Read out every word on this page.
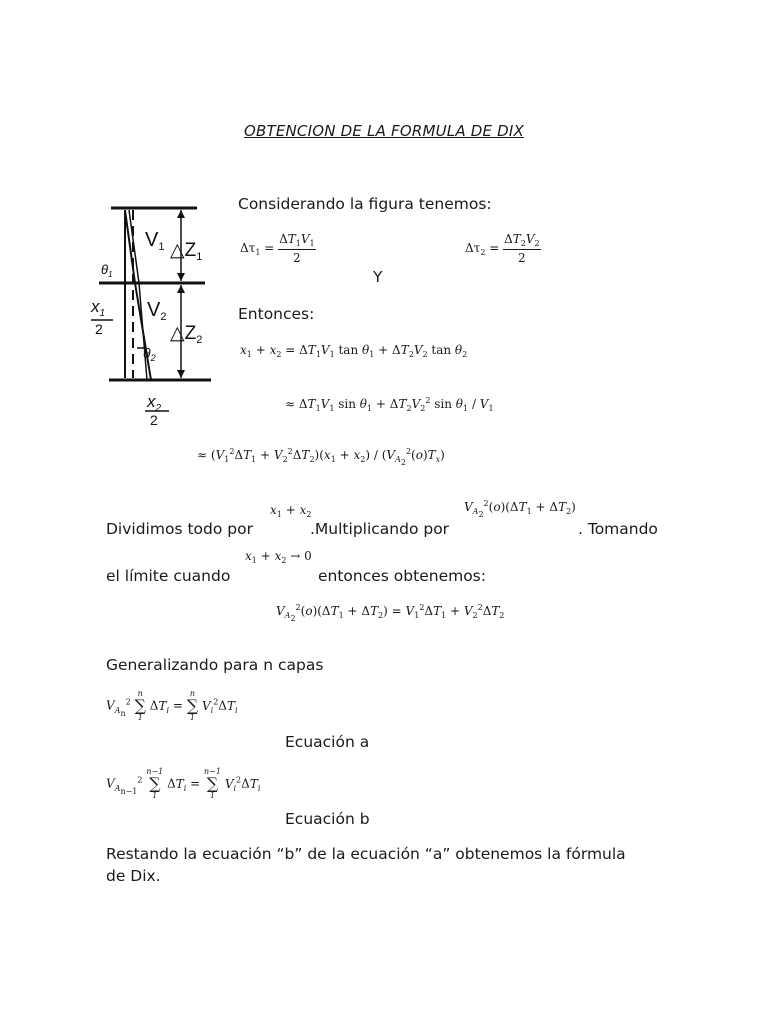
OBTENCION DE LA FORMULA DE DIX
$V_1$ $\triangle Z_1$
$\theta_1$
$V_2$
$\triangle Z_2$
$\theta_2$
$x_1$
2
$x_2$
2
Considerando la figura tenemos:
$\Delta\tau_1 = \frac{\Delta T_1V_1}{2}$	$\Delta\tau_2 = \frac{\Delta T_2V_2}{2}$
Y
Entonces:
$x_1 + x_2 = \Delta T_1V_1$ $\tan \theta_1 + \Delta T_2V_2$ $\tan \theta_2$
≈ $\Delta T_1V_1$ $\sin \theta_1 + \Delta T_2V_2^2$ $\sin \theta_1 / V_1$
≈ $(V_1^2\Delta T_1 + V_2^2\Delta T_2)(x_1 + x_2) / (V_{A_2}^2(o)T_x)$
$x_1 + x_2$
$V_{A_2}^2(o)(\Delta T_1 + \Delta T_2)$
Dividimos todo por	.Multiplicando por	. Tomando
$x_1 + x_2 \to 0$
el límite cuando	entonces obtenemos:
$V_{A_2}^2(o)(\Delta T_1 + \Delta T_2) = V_1^2\Delta T_1 + V_2^2\Delta T_2$
Generalizando para n capas
$V_{A_n}^2$
n
∑
1
$\Delta T_i$ =
n
∑
1
$V_i^2\Delta T_i$
Ecuación a
$V_{A_{n-1}}^2$
n−1
∑
1
$\Delta T_i$ =
n−1
∑
1
$V_i^2\Delta T_i$
Ecuación b
Restando la ecuación “b” de la ecuación “a” obtenemos la fórmula
de Dix.
